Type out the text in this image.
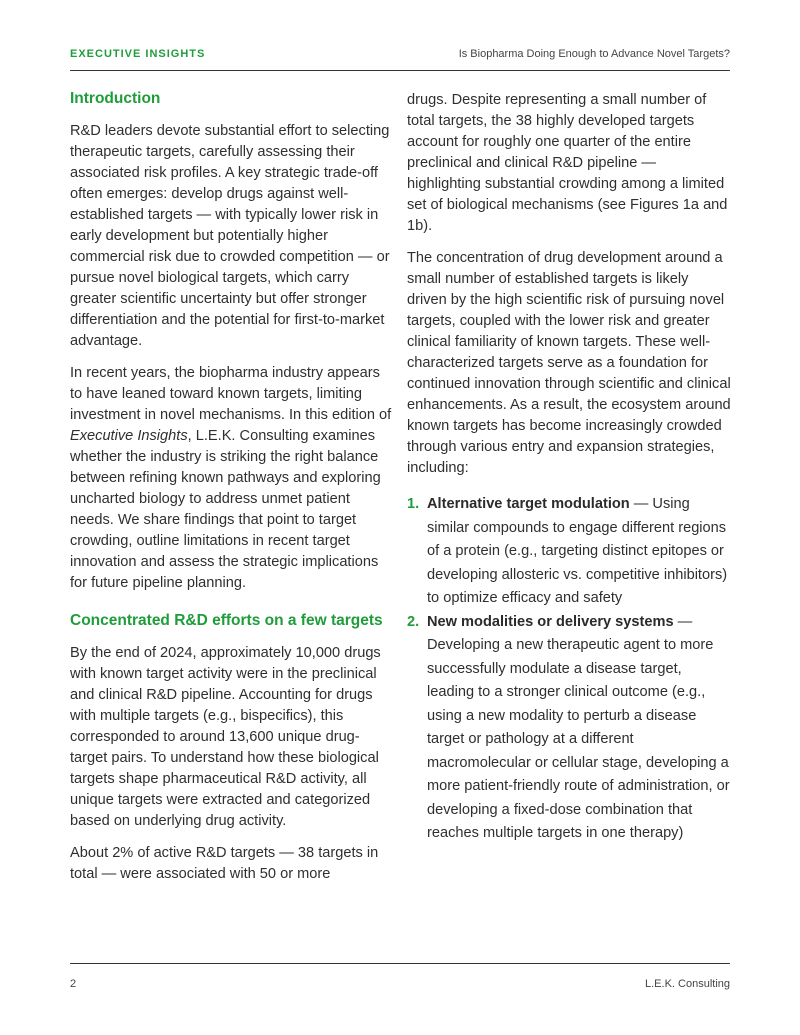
EXECUTIVE INSIGHTS	Is Biopharma Doing Enough to Advance Novel Targets?
Introduction

R&D leaders devote substantial effort to selecting therapeutic targets, carefully assessing their associated risk profiles. A key strategic trade-off often emerges: develop drugs against well-established targets — with typically lower risk in early development but potentially higher commercial risk due to crowded competition — or pursue novel biological targets, which carry greater scientific uncertainty but offer stronger differentiation and the potential for first-to-market advantage.

In recent years, the biopharma industry appears to have leaned toward known targets, limiting investment in novel mechanisms. In this edition of Executive Insights, L.E.K. Consulting examines whether the industry is striking the right balance between refining known pathways and exploring uncharted biology to address unmet patient needs. We share findings that point to target crowding, outline limitations in recent target innovation and assess the strategic implications for future pipeline planning.

Concentrated R&D efforts on a few targets

By the end of 2024, approximately 10,000 drugs with known target activity were in the preclinical and clinical R&D pipeline. Accounting for drugs with multiple targets (e.g., bispecifics), this corresponded to around 13,600 unique drug-target pairs. To understand how these biological targets shape pharmaceutical R&D activity, all unique targets were extracted and categorized based on underlying drug activity.

About 2% of active R&D targets — 38 targets in total — were associated with 50 or more

drugs. Despite representing a small number of total targets, the 38 highly developed targets account for roughly one quarter of the entire preclinical and clinical R&D pipeline — highlighting substantial crowding among a limited set of biological mechanisms (see Figures 1a and 1b).

The concentration of drug development around a small number of established targets is likely driven by the high scientific risk of pursuing novel targets, coupled with the lower risk and greater clinical familiarity of known targets. These well-characterized targets serve as a foundation for continued innovation through scientific and clinical enhancements. As a result, the ecosystem around known targets has become increasingly crowded through various entry and expansion strategies, including:

1. Alternative target modulation — Using similar compounds to engage different regions of a protein (e.g., targeting distinct epitopes or developing allosteric vs. competitive inhibitors) to optimize efficacy and safety
2. New modalities or delivery systems — Developing a new therapeutic agent to more successfully modulate a disease target, leading to a stronger clinical outcome (e.g., using a new modality to perturb a disease target or pathology at a different macromolecular or cellular stage, developing a more patient-friendly route of administration, or developing a fixed-dose combination that reaches multiple targets in one therapy)
2	L.E.K. Consulting
